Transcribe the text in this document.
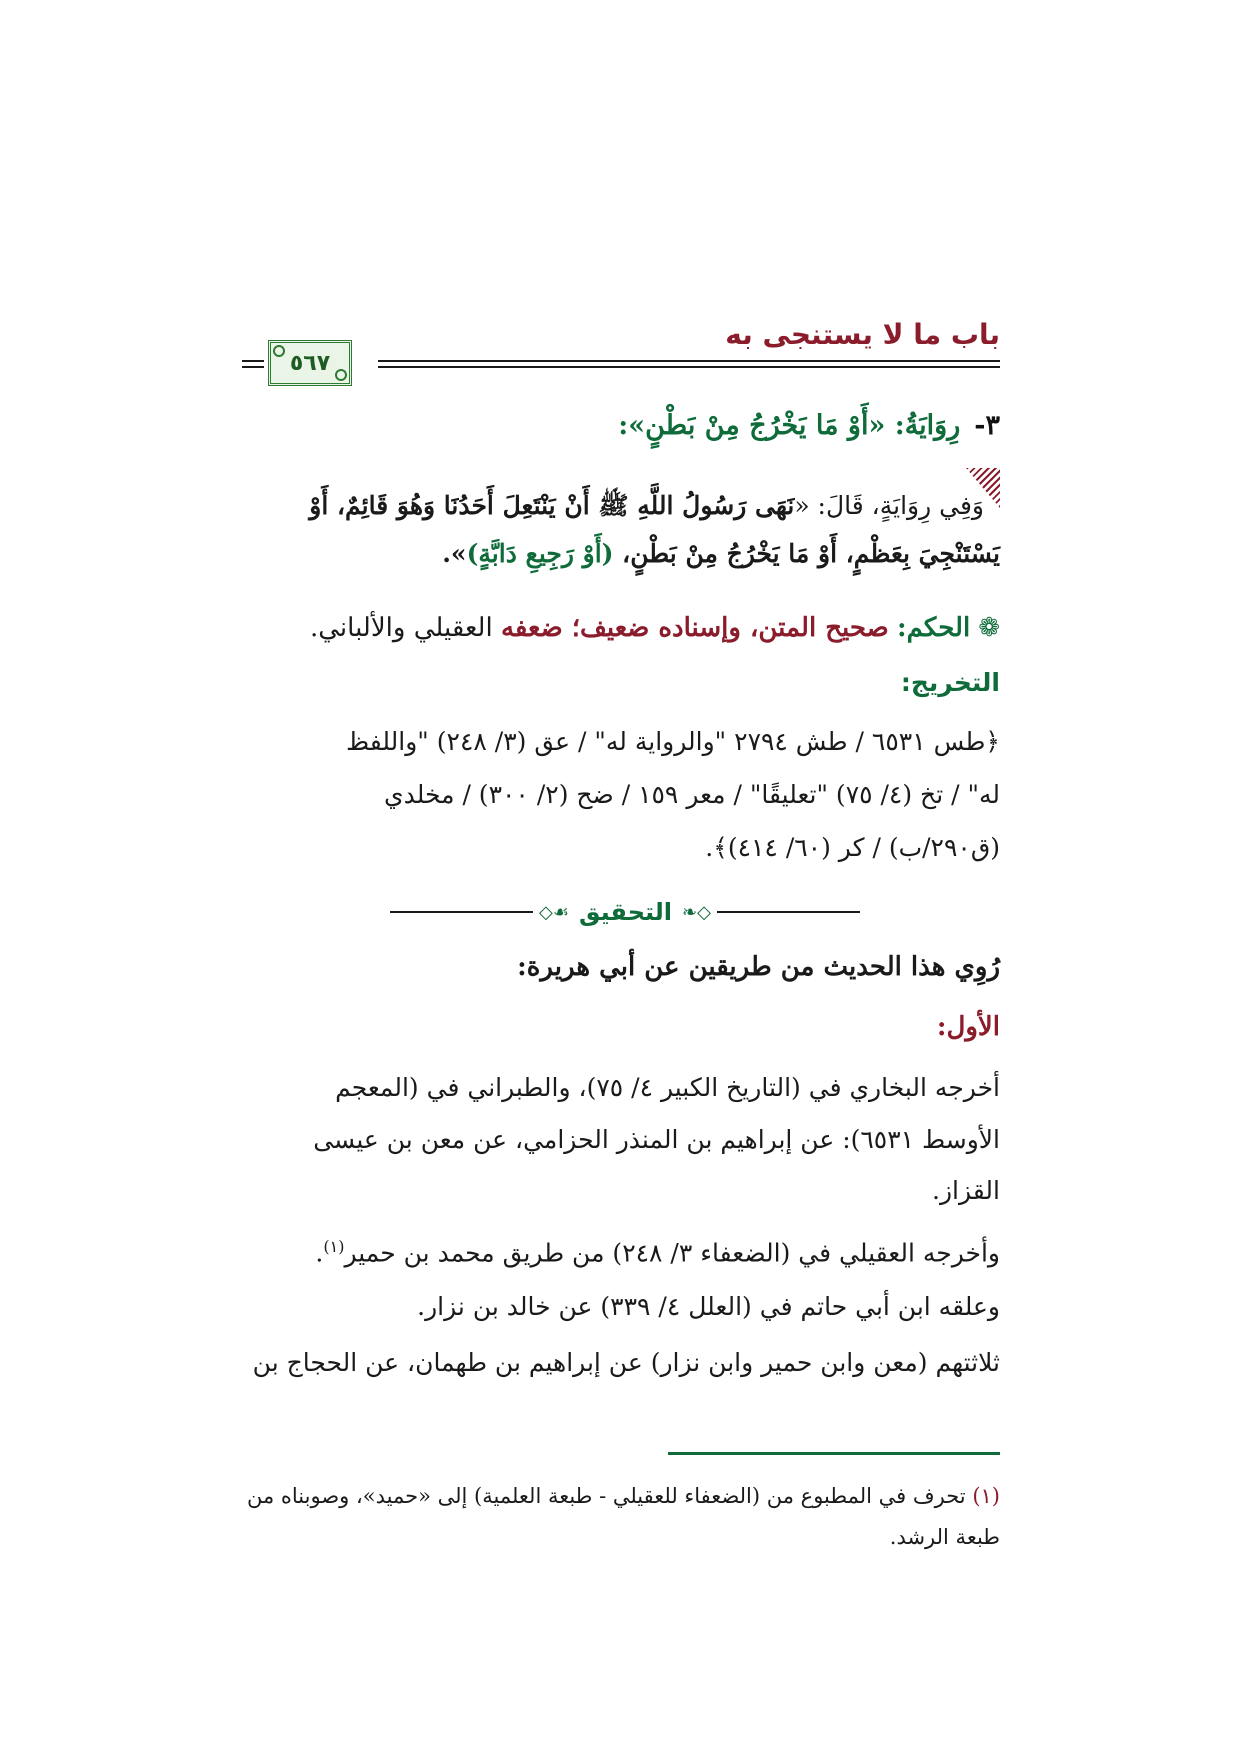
باب ما لا يستنجى به
٥٦٧
٣-رِوَايَةُ: «أَوْ مَا يَخْرُجُ مِنْ بَطْنٍ»:
وَفِي رِوَايَةٍ، قَالَ: «نَهَى رَسُولُ اللَّهِ ﷺ أَنْ يَنْتَعِلَ أَحَدُنَا وَهُوَ قَائِمٌ، أَوْ
يَسْتَنْجِيَ بِعَظْمٍ، أَوْ مَا يَخْرُجُ مِنْ بَطْنٍ، (أَوْ رَجِيعِ دَابَّةٍ)».
❁الحكم: صحيح المتن، وإسناده ضعيف؛ ضعفه العقيلي والألباني.
التخريج:
﴿طس ٦٥٣١ / طش ٢٧٩٤ "والرواية له" / عق (٣/ ٢٤٨) "واللفظ
له" / تخ (٤/ ٧٥) "تعليقًا" / معر ١٥٩ / ضح (٢/ ٣٠٠) / مخلدي
(ق٢٩٠/ب) / كر (٦٠/ ٤١٤)﴾.
◇❧
التحقيق
☙◇
رُوِي هذا الحديث من طريقين عن أبي هريرة:
الأول:
أخرجه البخاري في (التاريخ الكبير ٤/ ٧٥)، والطبراني في (المعجم
الأوسط ٦٥٣١): عن إبراهيم بن المنذر الحزامي، عن معن بن عيسى
القزاز.
وأخرجه العقيلي في (الضعفاء ٣/ ٢٤٨) من طريق محمد بن حمير$^{(١)}$.
وعلقه ابن أبي حاتم في (العلل ٤/ ٣٣٩) عن خالد بن نزار.
ثلاثتهم (معن وابن حمير وابن نزار) عن إبراهيم بن طهمان، عن الحجاج بن
(١) تحرف في المطبوع من (الضعفاء للعقيلي - طبعة العلمية) إلى «حميد»، وصوبناه من
طبعة الرشد.
